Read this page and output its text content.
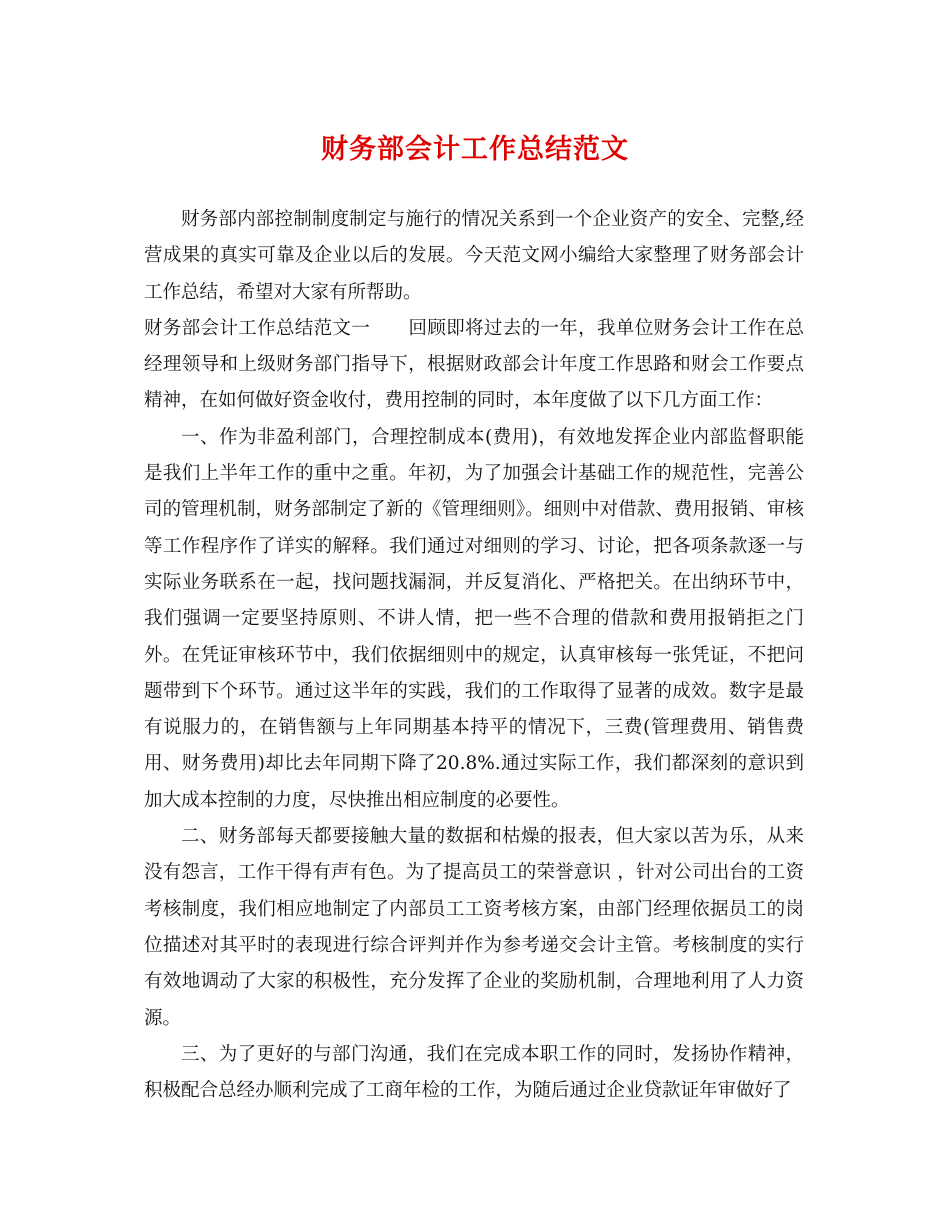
财务部会计工作总结范文

财务部内部控制制度制定与施行的情况关系到一个企业资产的安全、完整,经营成果的真实可靠及企业以后的发展。今天范文网小编给大家整理了财务部会计工作总结，希望对大家有所帮助。

财务部会计工作总结范文一 回顾即将过去的一年，我单位财务会计工作在总经理领导和上级财务部门指导下，根据财政部会计年度工作思路和财会工作要点精神，在如何做好资金收付，费用控制的同时，本年度做了以下几方面工作：

一、作为非盈利部门，合理控制成本(费用)，有效地发挥企业内部监督职能是我们上半年工作的重中之重。年初，为了加强会计基础工作的规范性，完善公司的管理机制，财务部制定了新的《管理细则》。细则中对借款、费用报销、审核等工作程序作了详实的解释。我们通过对细则的学习、讨论，把各项条款逐一与实际业务联系在一起，找问题找漏洞，并反复消化、严格把关。在出纳环节中，我们强调一定要坚持原则、不讲人情，把一些不合理的借款和费用报销拒之门外。在凭证审核环节中，我们依据细则中的规定，认真审核每一张凭证，不把问题带到下个环节。通过这半年的实践，我们的工作取得了显著的成效。数字是最有说服力的，在销售额与上年同期基本持平的情况下，三费(管理费用、销售费用、财务费用)却比去年同期下降了20.8%.通过实际工作，我们都深刻的意识到加大成本控制的力度，尽快推出相应制度的必要性。

二、财务部每天都要接触大量的数据和枯燥的报表，但大家以苦为乐，从来没有怨言，工作干得有声有色。为了提高员工的荣誉意识 ，针对公司出台的工资考核制度，我们相应地制定了内部员工工资考核方案，由部门经理依据员工的岗位描述对其平时的表现进行综合评判并作为参考递交会计主管。考核制度的实行有效地调动了大家的积极性，充分发挥了企业的奖励机制，合理地利用了人力资源。

三、为了更好的与部门沟通，我们在完成本职工作的同时，发扬协作精神，积极配合总经办顺利完成了工商年检的工作，为随后通过企业贷款证年审做好了
